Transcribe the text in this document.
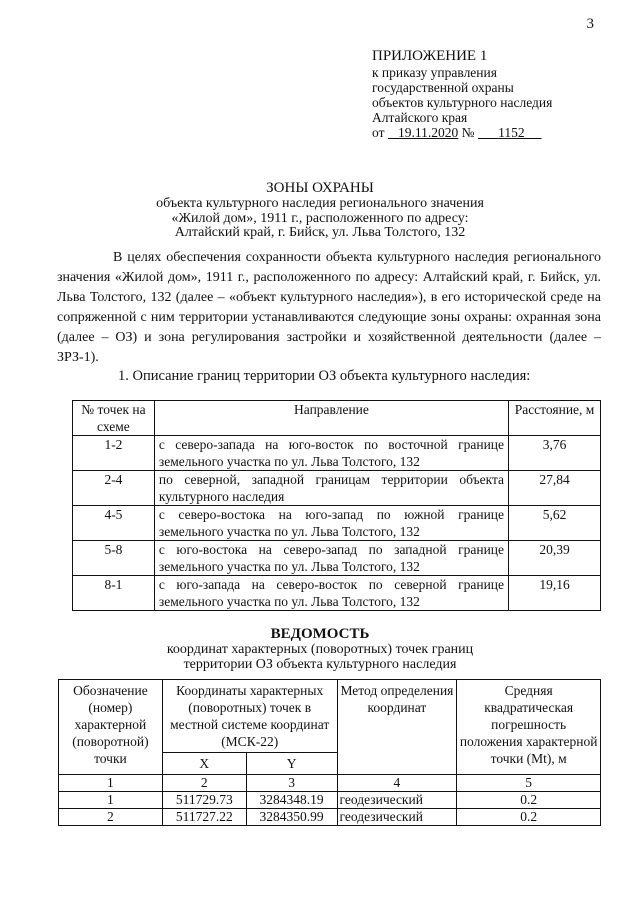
3
ПРИЛОЖЕНИЕ 1
к приказу управления
государственной охраны
объектов культурного наследия
Алтайского края
от 19.11.2020 № 1152
ЗОНЫ ОХРАНЫ
объекта культурного наследия регионального значения
«Жилой дом», 1911 г., расположенного по адресу:
Алтайский край, г. Бийск, ул. Льва Толстого, 132

В целях обеспечения сохранности объекта культурного наследия регионального значения «Жилой дом», 1911 г., расположенного по адресу: Алтайский край, г. Бийск, ул. Льва Толстого, 132 (далее – «объект культурного наследия»), в его исторической среде на сопряженной с ним территории устанавливаются следующие зоны охраны: охранная зона (далее – ОЗ) и зона регулирования застройки и хозяйственной деятельности (далее – ЗРЗ-1).

1. Описание границ территории ОЗ объекта культурного наследия:
№ точек на схеме	Направление	Расстояние, м
1-2	с северо-запада на юго-восток по восточной границе земельного участка по ул. Льва Толстого, 132	3,76
2-4	по северной, западной границам территории объекта культурного наследия	27,84
4-5	с северо-востока на юго-запад по южной границе земельного участка по ул. Льва Толстого, 132	5,62
5-8	с юго-востока на северо-запад по западной границе земельного участка по ул. Льва Толстого, 132	20,39
8-1	с юго-запада на северо-восток по северной границе земельного участка по ул. Льва Толстого, 132	19,16
ВЕДОМОСТЬ
координат характерных (поворотных) точек границ
территории ОЗ объекта культурного наследия
Обозначение (номер) характерной (поворотной) точки	Координаты характерных (поворотных) точек в местной системе координат (МСК-22)		Метод определения координат	Средняя квадратическая погрешность положения характерной точки (Mt), м
	X	Y		
1	2	3	4	5
1	511729.73	3284348.19	геодезический	0.2
2	511727.22	3284350.99	геодезический	0.2
